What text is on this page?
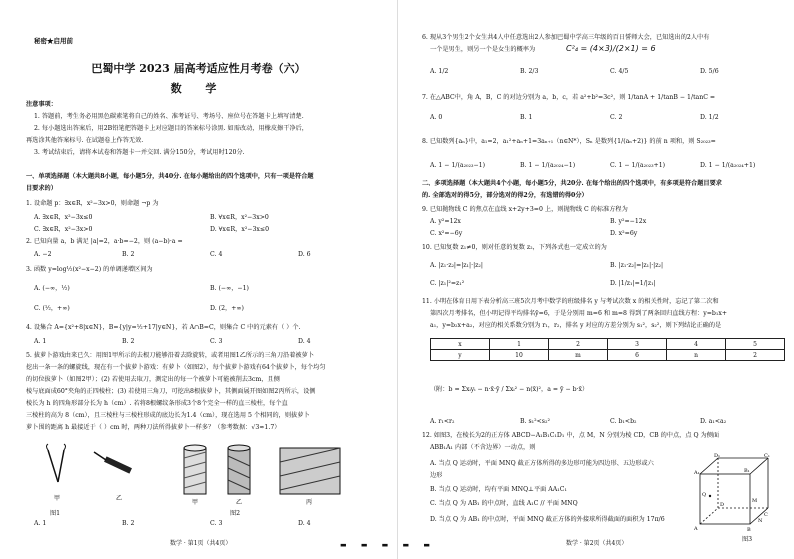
秘密★启用前
巴蜀中学 2023 届高考适应性月考卷（六）
数 学
注意事项：
1. 答题前，考生务必用黑色碳素笔将自己的姓名、准考证号、考场号、座位号在答题卡上填写清楚.
2. 每小题选出答案后，用2B铅笔把答题卡上对应题目的答案标号涂黑. 如需改动，用橡皮擦干净后，
再选涂其他答案标号. 在试题卷上作答无效.
3. 考试结束后，请将本试卷和答题卡一并交回. 满分150分，考试用时120分.
一、单项选择题（本大题共8小题，每小题5分，共40分. 在每小题给出的四个选项中，只有一项是符合题
目要求的）
1. 设命题 p：∃x∈R，x²−3x>0，则命题 ¬p 为
A. ∃x∈R，x²−3x≤0	B. ∀x∈R，x²−3x>0
C. ∃x∈R，x²−3x>0	D. ∀x∈R，x²−3x≤0
2. 已知向量 a，b 满足 |a|=2，a·b=−2，则 (a−b)·a =
A. −2	B. 2	C. 4	D. 6
3. 函数 y=log½(x²−x−2) 的单调递增区间为
A. (−∞，½)	B. (−∞，−1)
C. (½，+∞)	D. (2，+∞)
4. 设集合 A={x²+8|x∈N}，B={y|y=½+17|y∈N}，若 A∩B=C，则集合 C 中的元素有（ ）个.
A. 1	B. 2	C. 3	D. 4
5. 拔萝卜游戏由来已久：用图1甲所示的去根刀能够沿着去除旋转，或者用图1乙所示的三角刀沿着被萝卜
挖出一条一条的螺旋线，现在有一个拔萝卜游戏：有萝卜（如图2），每个拔萝卜游戏有64个拔萝卜，每个均匀
的切位拔萝卜（如图2甲）；(2) 若使用去取刀，测定出的每一个被萝卜可能被削去3cm，且侧
棱与底面成60°夹角的正四棱柱；(3) 若使用三角刀，可挖出8根拔萝卜，其侧面展开图如图2丙所示，设侧
棱长为 h 的四角形部分长为 h（cm）. 若将8根螺纹条形成3个8个完全一样的直三棱柱，每个直
三棱柱的高为 8（cm），且三棱柱与三棱柱形成的底边长为1.4（cm），现在选用 5 个相同的，则拔萝卜
萝卜围的距离 h 最接近于（ ）cm 时，两种刀法所得拔萝卜一样多？（参考数据：√3≈1.7）
甲	乙
甲	乙	丙
图1	图2
A. 1	B. 2	C. 3	D. 4
数学 · 第1页（共4页）	▬ ▬ ▬ ▬ ▬
6. 现从3个男生2个女生共4人中任意选出2人参加巴蜀中学高三年级的百日誓师大会，已知选出的2人中有
一个是男生，则另一个是女生的概率为	C²₄ = (4×3)/(2×1) = 6
A. 1/2	B. 2/3	C. 4/5	D. 5/6
7. 在△ABC中，角 A，B，C 的对边分别为 a，b，c，若 a²+b²=3c²，则 1/tanA + 1/tanB − 1/tanC =
A. 0	B. 1	C. 2	D. 1/2
8. 已知数列{aₙ}中，a₁=2，a₁²+aₙ+1=3aₙ₊₁（n∈N*），Sₙ 是数列{1/(aₙ+2)} 的前 n 项和，则 S₂₀₂₃=
A. 1 − 1/(a₂₀₂₃−1)	B. 1 − 1/(a₂₀₂₄−1)	C. 1 − 1/(a₂₀₂₃+1)	D. 1 − 1/(a₂₀₂₄+1)
二、多项选择题（本大题共4个小题，每小题5分，共20分. 在每个给出的四个选项中，有多项是符合题目要求
的. 全部选对的得5分，部分选对的得2分，有选错的得0分）
9. 已知抛物线 C 的焦点在直线 x+2y+3=0 上，则抛物线 C 的标准方程为
A. y²=12x	B. y²=−12x
C. x²=−6y	D. x²=6y
10. 已知复数 z₁≠0，则对任意的复数 z₂，下列各式也一定成立的为
A. |z₁·z₂|=|z₁|·|z₂|	B. |z₁·z₂|=|z₁|·|z₂|
C. |z₁|²=z₁²	D. |1/z₁|=1/|z₁|
11. 小明在体育日用下表分析高三班5次月考中数学的班级排名 y 与考试次数 x 的相关性时，忘记了第二次和
第四次月考排名，但小明记得平均排名ȳ=6，于是分别用 m=6 和 m=8 得到了两条回归直线方程：y=b₁x+
a₁，y=b₂x+a₂，对应的相关系数分别为 r₁，r₂，排名 y 对应的方差分别为 s₁²，s₂²，则下列结论正确的是
x	1	2	3	4	5
y	10	m	6	n	2
（附：b = Σxᵢyᵢ − n·x̄·ȳ / Σxᵢ² − n(x̄)²，a = ȳ − b·x̄）
A. r₁<r₂	B. s₁²<s₂²	C. b₁<b₂	D. a₁<a₂
12. 如图3，在棱长为2的正方体 ABCD−A₁B₁C₁D₁ 中，点 M，N 分别为棱 CD，CB 的中点，点 Q 为侧面
ABB₁A₁ 内部（不含边界）一动点，则
A. 当点 Q 运动时，平面 MNQ 截正方体所得的多边形可能为四边形、五边形或六
边形
B. 当点 Q 运动时，均有平面 MNQ⊥平面 AA₁C₁
C. 当点 Q 为 AB₁ 的中点时，直线 A₁C // 平面 MNQ
D. 当点 Q 为 AB₁ 的中点时，平面 MNQ 截正方体的外接球所得截面的面积为 17π/6
D₁	C₁
A₁	B₁
D
C
A	B
M
N
Q
图3
数学 · 第2页（共4页）
